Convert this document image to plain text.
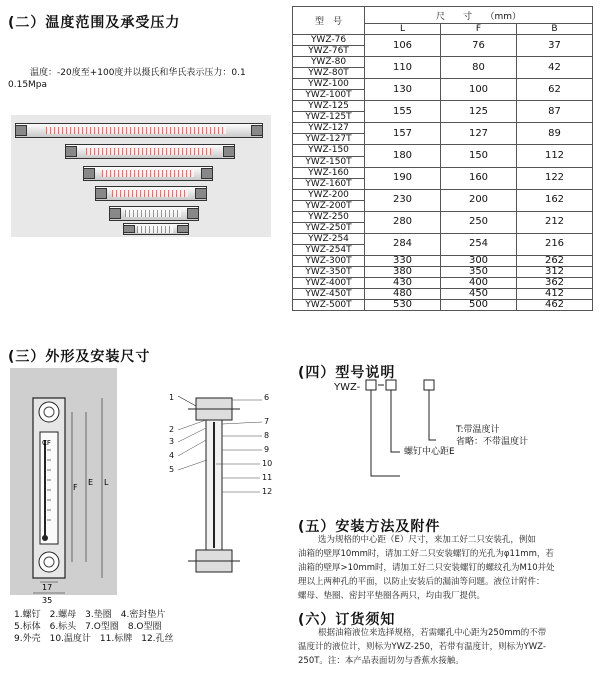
(二）温度范围及承受压力
温度：-20度至+100度并以摄氏和华氏表示压力：0.1
0.15Mpa
型　号	尺　　寸　　（mm）		
	L	F	B
YWZ-76	106	76	37
YWZ-76T			
YWZ-80	110	80	42
YWZ-80T			
YWZ-100	130	100	62
YWZ-100T			
YWZ-125	155	125	87
YWZ-125T			
YWZ-127	157	127	89
YWZ-127T			
YWZ-150	180	150	112
YWZ-150T			
YWZ-160	190	160	122
YWZ-160T			
YWZ-200	230	200	162
YWZ-200T			
YWZ-250	280	250	212
YWZ-250T			
YWZ-254	284	254	216
YWZ-254T			
YWZ-300T	330	300	262
YWZ-350T	380	350	312
YWZ-400T	430	400	362
YWZ-450T	480	450	412
YWZ-500T	530	500	462
(三）外形及安装尺寸
CF
F
E L
17
35
1
2
3
4
5
6
7
8
9
10
11
12
1.螺钉　2.螺母　3.垫圈　4.密封垫片
5.标体　6.标头　7.O型圈　8.O型圈
9.外壳　10.温度计　11.标牌　12.孔丝
(四）型号说明
YWZ-
T:带温度计
省略：不带温度计
螺钉中心距E
(五）安装方法及附件
选为规格的中心距（E）尺寸，来加工好二只安装孔，例如
油箱的壁厚10mm时，请加工好二只安装螺钉的光孔为φ11mm，若
油箱的壁厚>10mm时，请加工好二只安装螺钉的螺纹孔为M10并处
理以上两种孔的平面，以防止安装后的漏油等问题。液位计附件：
螺母、垫圈、密封平垫圈各两只，均由我厂提供。
(六）订货须知
根据油箱液位来选择规格，若需螺孔中心距为250mm的不带
温度计的液位计，则标为YWZ-250，若带有温度计，则标为YWZ-
250T。注：本产品表面切勿与香蕉水接触。
